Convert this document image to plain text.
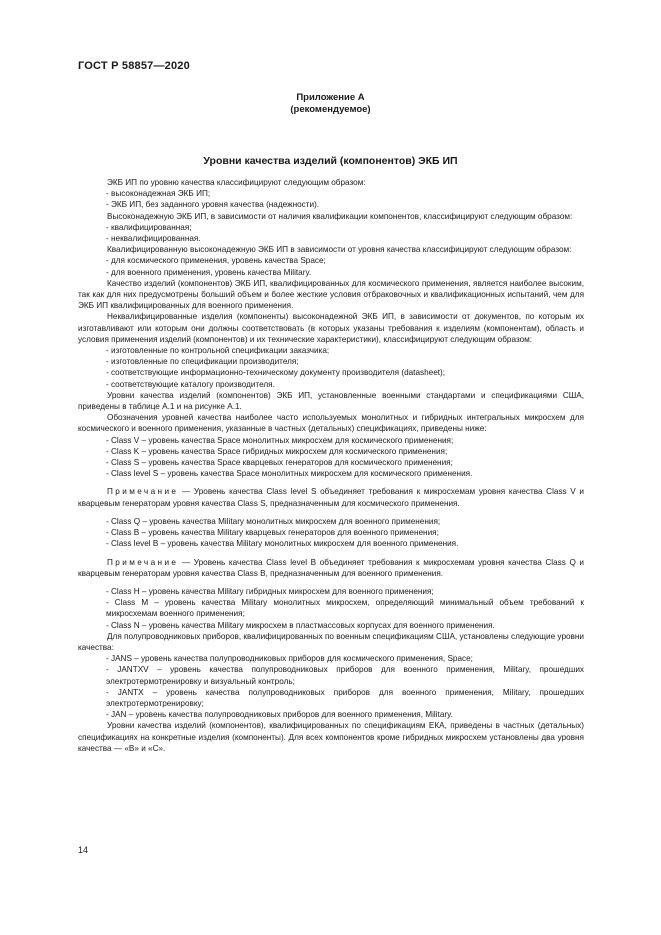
ГОСТ Р 58857—2020
Приложение А
(рекомендуемое)
Уровни качества изделий (компонентов) ЭКБ ИП

ЭКБ ИП по уровню качества классифицируют следующим образом:

- высоконадежная ЭКБ ИП;

- ЭКБ ИП, без заданного уровня качества (надежности).

Высоконадежную ЭКБ ИП, в зависимости от наличия квалификации компонентов, классифицируют следующим образом:

- квалифицированная;

- неквалифицированная.

Квалифицированную высоконадежную ЭКБ ИП в зависимости от уровня качества классифицируют следующим образом:

- для космического применения, уровень качества Space;

- для военного применения, уровень качества Military.

Качество изделий (компонентов) ЭКБ ИП, квалифицированных для космического применения, является наиболее высоким, так как для них предусмотрены больший объем и более жесткие условия отбраковочных и квалификационных испытаний, чем для ЭКБ ИП квалифицированных для военного применения.

Неквалифицированные изделия (компоненты) высоконадежной ЭКБ ИП, в зависимости от документов, по которым их изготавливают или которым они должны соответствовать (в которых указаны требования к изделиям (компонентам), область и условия применения изделий (компонентов) и их технические характеристики), классифицируют следующим образом:

- изготовленные по контрольной спецификации заказчика;

- изготовленные по спецификации производителя;

- соответствующие информационно-техническому документу производителя (datasheet);

- соответствующие каталогу производителя.

Уровни качества изделий (компонентов) ЭКБ ИП, установленные военными стандартами и спецификациями США, приведены в таблице А.1 и на рисунке А.1.

Обозначения уровней качества наиболее часто используемых монолитных и гибридных интегральных микросхем для космического и военного применения, указанные в частных (детальных) спецификациях, приведены ниже:

- Class V – уровень качества Space монолитных микросхем для космического применения;

- Class K – уровень качества Space гибридных микросхем для космического применения;

- Class S – уровень качества Space кварцевых генераторов для космического применения;

- Class level S – уровень качества Space монолитных микросхем для космического применения.

Примечание — Уровень качества Class level S объединяет требования к микросхемам уровня качества Class V и кварцевым генераторам уровня качества Class S, предназначенным для космического применения.

- Class Q – уровень качества Military монолитных микросхем для военного применения;

- Class B – уровень качества Military кварцевых генераторов для военного применения;

- Class level B – уровень качества Military монолитных микросхем для военного применения.

Примечание — Уровень качества Class level B объединяет требования к микросхемам уровня качества Class Q и кварцевым генераторам уровня качества Class B, предназначенным для военного применения.

- Class H – уровень качества Military гибридных микросхем для военного применения;

- Class M – уровень качества Military монолитных микросхем, определяющий минимальный объем требований к микросхемам военного применения;

- Class N – уровень качества Military микросхем в пластмассовых корпусах для военного применения.

Для полупроводниковых приборов, квалифицированных по военным спецификациям США, установлены следующие уровни качества:

- JANS – уровень качества полупроводниковых приборов для космического применения, Space;

- JANTXV – уровень качества полупроводниковых приборов для военного применения, Military, прошедших электротермотренировку и визуальный контроль;

- JANTX – уровень качества полупроводниковых приборов для военного применения, Military, прошедших электротермотренировку;

- JAN – уровень качества полупроводниковых приборов для военного применения, Military.

Уровни качества изделий (компонентов), квалифицированных по спецификациям ЕКА, приведены в частных (детальных) спецификациях на конкретные изделия (компоненты). Для всех компонентов кроме гибридных микросхем установлены два уровня качества — «В» и «С».

14
